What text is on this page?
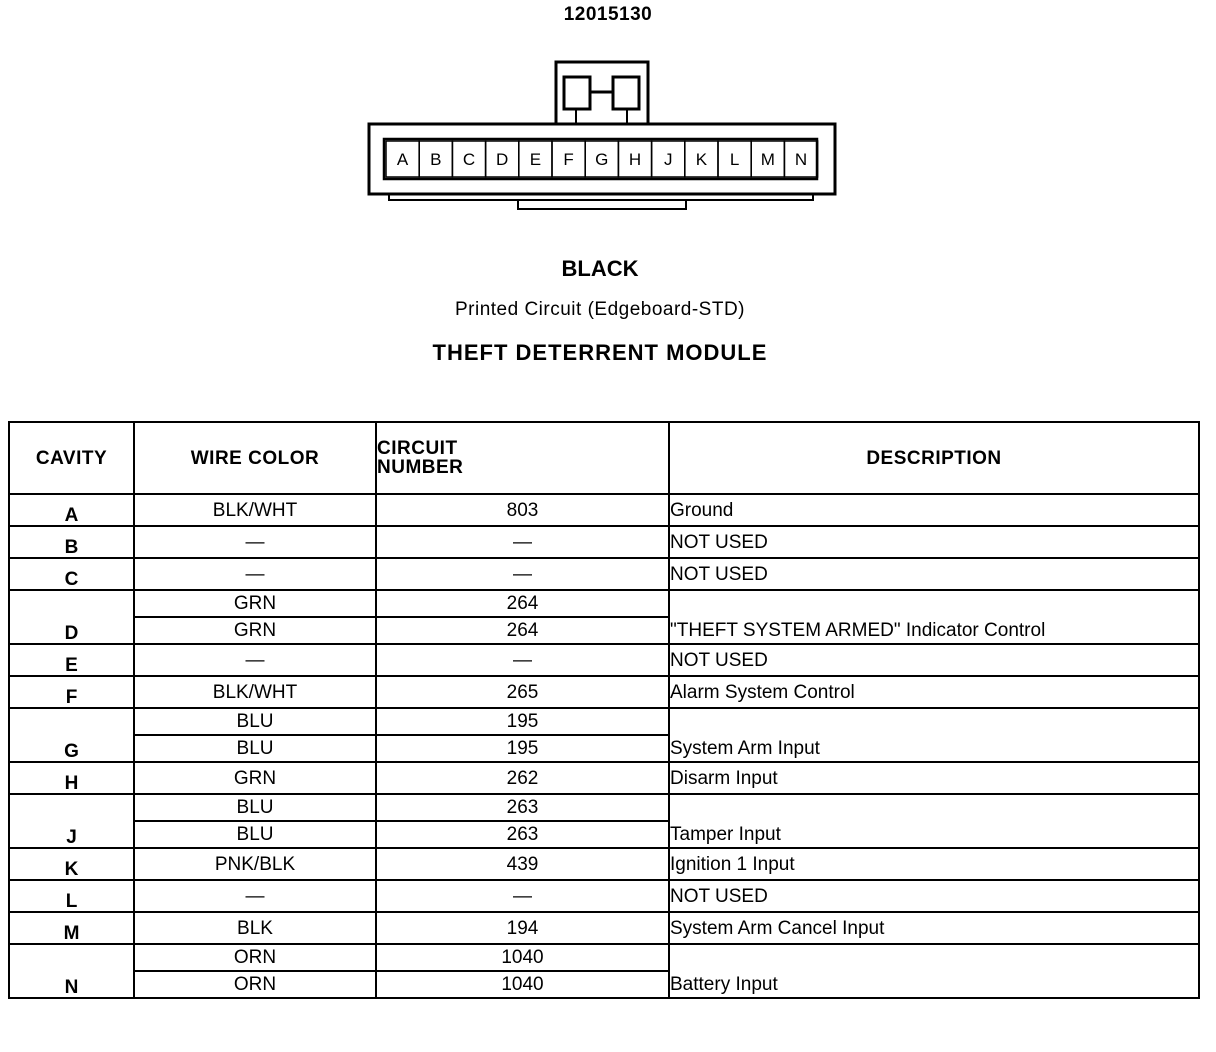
12015130
A B C D E F G H J K L M N
BLACK
Printed Circuit (Edgeboard-STD)
THEFT DETERRENT MODULE
CAVITY	WIRE COLOR	CIRCUIT
NUMBER	DESCRIPTION
A	BLK/WHT	803	Ground
B	—	—	NOT USED
C	—	—	NOT USED
D	GRN	264	"THEFT SYSTEM ARMED" Indicator Control
	GRN	264	
E	—	—	NOT USED
F	BLK/WHT	265	Alarm System Control
G	BLU	195	System Arm Input
	BLU	195	
H	GRN	262	Disarm Input
J	BLU	263	Tamper Input
	BLU	263	
K	PNK/BLK	439	Ignition 1 Input
L	—	—	NOT USED
M	BLK	194	System Arm Cancel Input
N	ORN	1040	Battery Input
	ORN	1040	
